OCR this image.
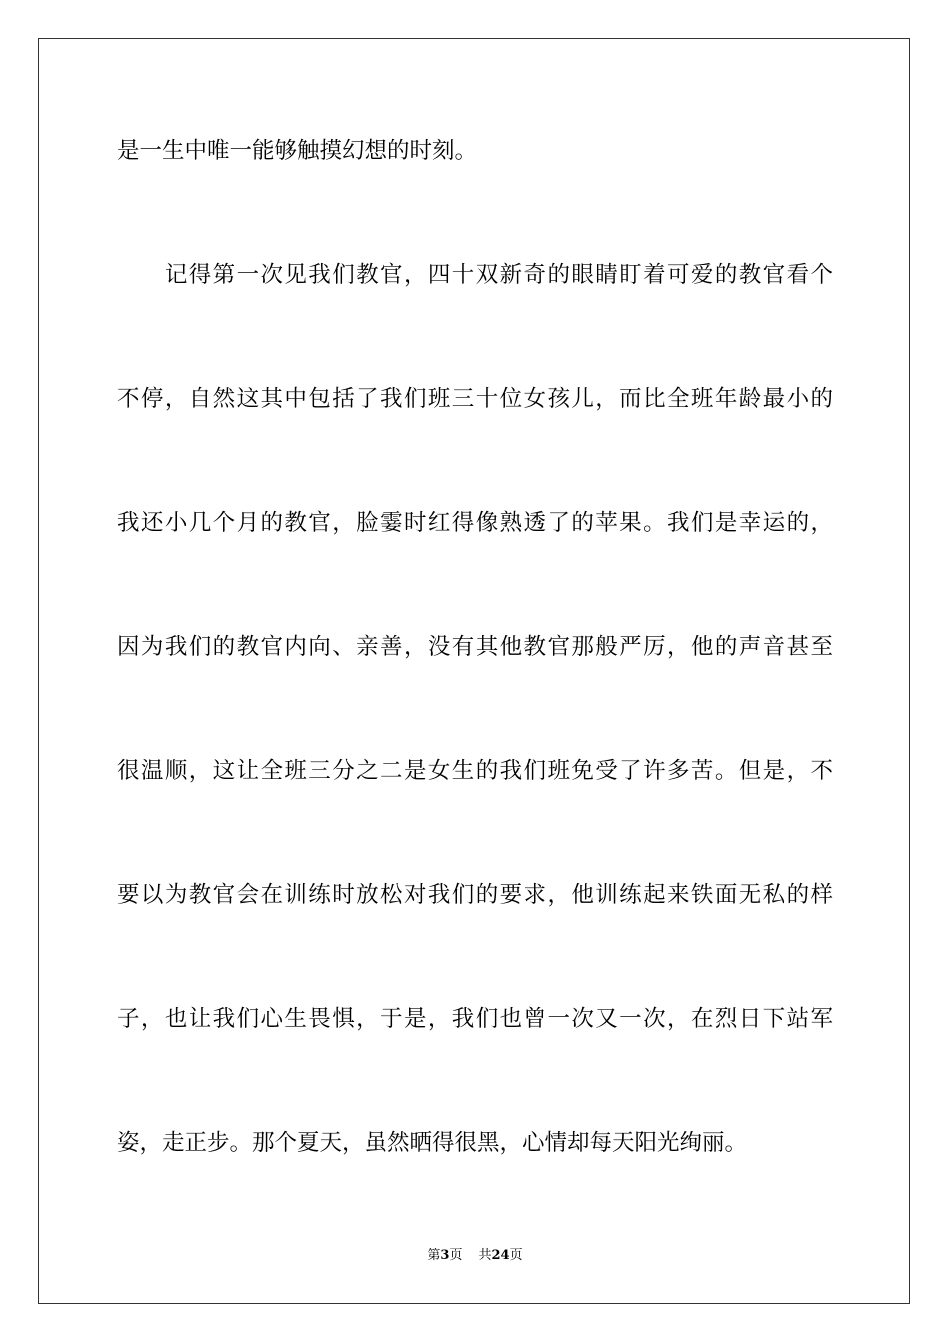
是一生中唯一能够触摸幻想的时刻。
　　记得第一次见我们教官，四十双新奇的眼睛盯着可爱的教官看个
不停，自然这其中包括了我们班三十位女孩儿，而比全班年龄最小的
我还小几个月的教官，脸霎时红得像熟透了的苹果。我们是幸运的，
因为我们的教官内向、亲善，没有其他教官那般严厉，他的声音甚至
很温顺，这让全班三分之二是女生的我们班免受了许多苦。但是，不
要以为教官会在训练时放松对我们的要求，他训练起来铁面无私的样
子，也让我们心生畏惧，于是，我们也曾一次又一次，在烈日下站军
姿，走正步。那个夏天，虽然晒得很黑，心情却每天阳光绚丽。
第3页 共24页
